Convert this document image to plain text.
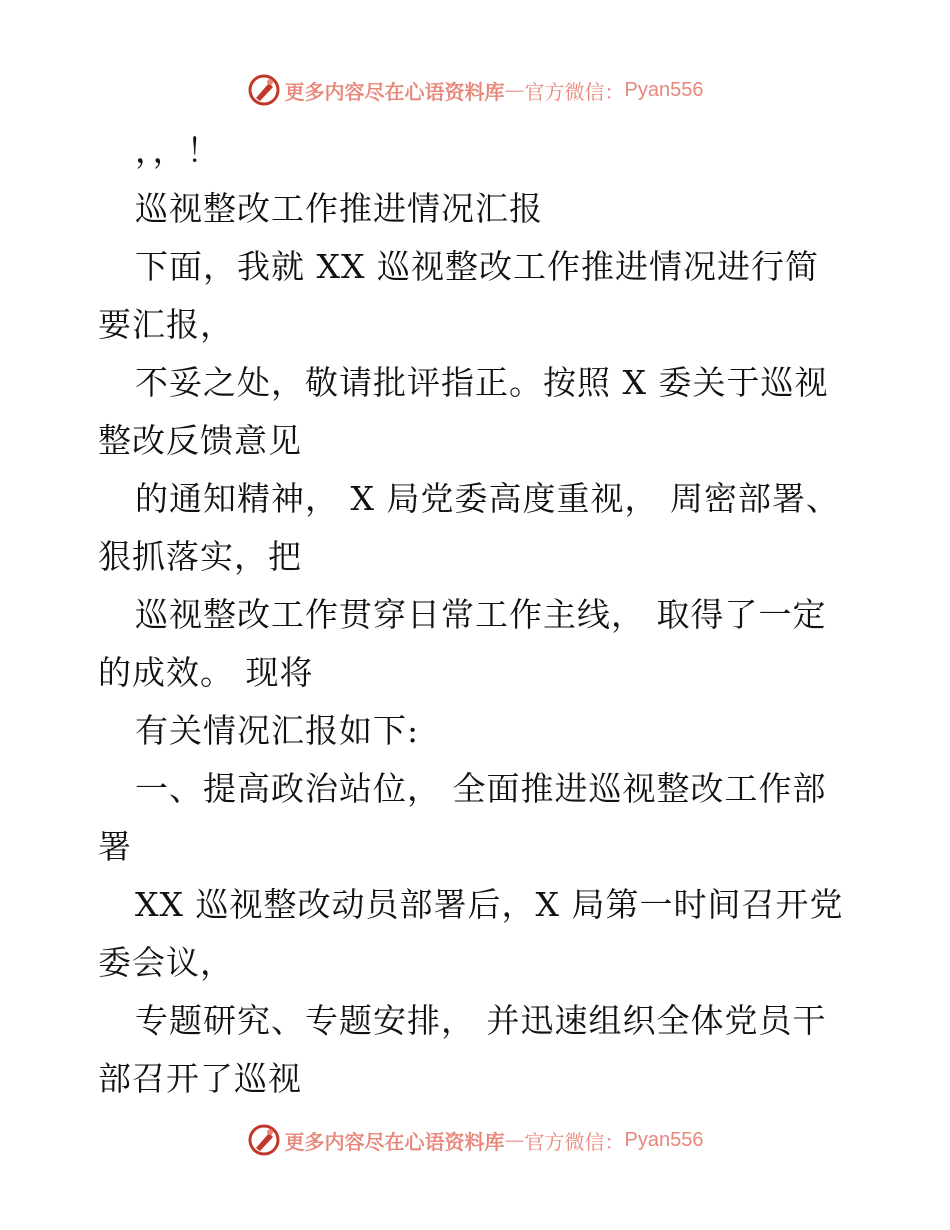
更多内容尽在心语资料库 — 官方微信： Pyan556

，，！

巡视整改工作推进情况汇报

下面，我就 XX 巡视整改工作推进情况进行简

要汇报，

不妥之处，敬请批评指正。按照 X 委关于巡视

整改反馈意见

的通知精神， X 局党委高度重视， 周密部署、

狠抓落实，把

巡视整改工作贯穿日常工作主线， 取得了一定

的成效。 现将

有关情况汇报如下:

一、提高政治站位， 全面推进巡视整改工作部

署

XX 巡视整改动员部署后，X 局第一时间召开党

委会议，

专题研究、专题安排， 并迅速组织全体党员干

部召开了巡视

更多内容尽在心语资料库 — 官方微信： Pyan556
